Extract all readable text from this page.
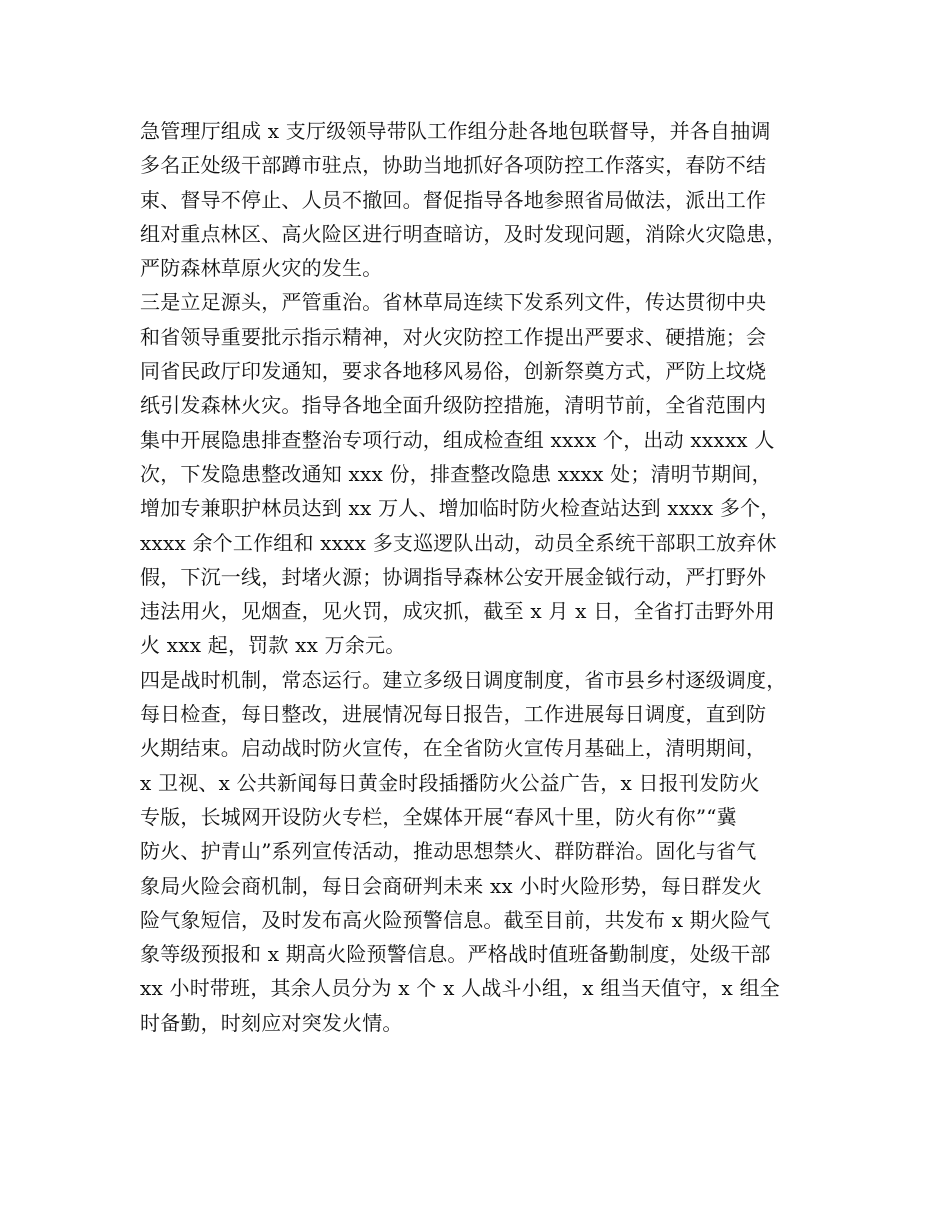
急管理厅组成 x 支厅级领导带队工作组分赴各地包联督导，并各自抽调
多名正处级干部蹲市驻点，协助当地抓好各项防控工作落实，春防不结
束、督导不停止、人员不撤回。督促指导各地参照省局做法，派出工作
组对重点林区、高火险区进行明查暗访，及时发现问题，消除火灾隐患，
严防森林草原火灾的发生。
三是立足源头，严管重治。省林草局连续下发系列文件，传达贯彻中央
和省领导重要批示指示精神，对火灾防控工作提出严要求、硬措施；会
同省民政厅印发通知，要求各地移风易俗，创新祭奠方式，严防上坟烧
纸引发森林火灾。指导各地全面升级防控措施，清明节前，全省范围内
集中开展隐患排查整治专项行动，组成检查组 xxxx 个，出动 xxxxx 人
次，下发隐患整改通知 xxx 份，排查整改隐患 xxxx 处；清明节期间，
增加专兼职护林员达到 xx 万人、增加临时防火检查站达到 xxxx 多个，
xxxx 余个工作组和 xxxx 多支巡逻队出动，动员全系统干部职工放弃休
假，下沉一线，封堵火源；协调指导森林公安开展金钺行动，严打野外
违法用火，见烟查，见火罚，成灾抓，截至 x 月 x 日，全省打击野外用
火 xxx 起，罚款 xx 万余元。
四是战时机制，常态运行。建立多级日调度制度，省市县乡村逐级调度，
每日检查，每日整改，进展情况每日报告，工作进展每日调度，直到防
火期结束。启动战时防火宣传，在全省防火宣传月基础上，清明期间，
x 卫视、x 公共新闻每日黄金时段插播防火公益广告，x 日报刊发防火
专版，长城网开设防火专栏，全媒体开展“春风十里，防火有你”“冀
防火、护青山”系列宣传活动，推动思想禁火、群防群治。固化与省气
象局火险会商机制，每日会商研判未来 xx 小时火险形势，每日群发火
险气象短信，及时发布高火险预警信息。截至目前，共发布 x 期火险气
象等级预报和 x 期高火险预警信息。严格战时值班备勤制度，处级干部
xx 小时带班，其余人员分为 x 个 x 人战斗小组，x 组当天值守，x 组全
时备勤，时刻应对突发火情。
